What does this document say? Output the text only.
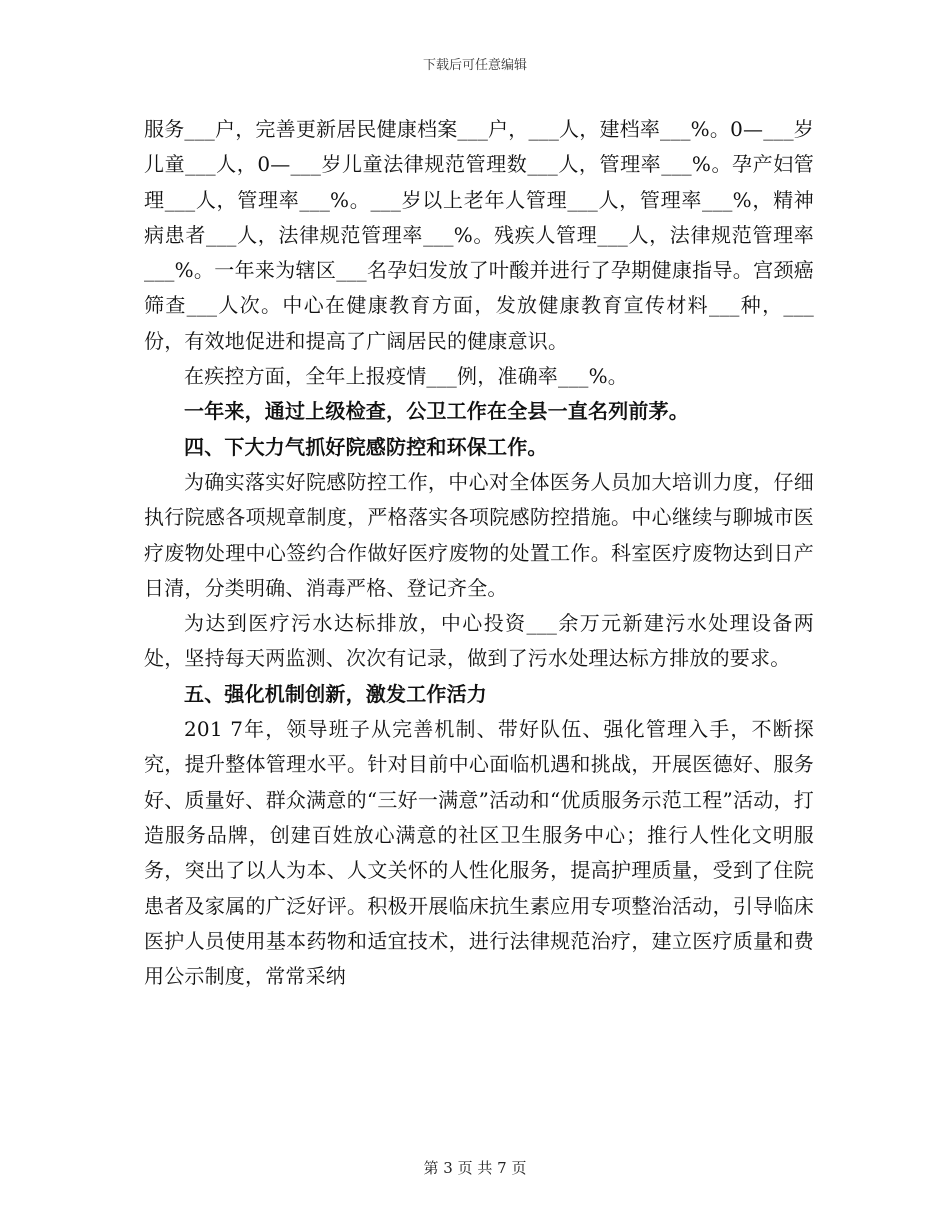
下载后可任意编辑

服务___户，完善更新居民健康档案___户，___人，建档率___%。0—___岁儿童___人，0—___岁儿童法律规范管理数___人，管理率___%。孕产妇管理___人，管理率___%。___岁以上老年人管理___人，管理率___%，精神病患者___人，法律规范管理率___%。残疾人管理___人，法律规范管理率___%。一年来为辖区___名孕妇发放了叶酸并进行了孕期健康指导。宫颈癌筛查___人次。中心在健康教育方面，发放健康教育宣传材料___种，___份，有效地促进和提高了广阔居民的健康意识。

在疾控方面，全年上报疫情___例，准确率___%。

一年来，通过上级检查，公卫工作在全县一直名列前茅。

四、下大力气抓好院感防控和环保工作。

为确实落实好院感防控工作，中心对全体医务人员加大培训力度，仔细执行院感各项规章制度，严格落实各项院感防控措施。中心继续与聊城市医疗废物处理中心签约合作做好医疗废物的处置工作。科室医疗废物达到日产日清，分类明确、消毒严格、登记齐全。

为达到医疗污水达标排放，中心投资___余万元新建污水处理设备两处，坚持每天两监测、次次有记录，做到了污水处理达标方排放的要求。

五、强化机制创新，激发工作活力

201 7年，领导班子从完善机制、带好队伍、强化管理入手，不断探究，提升整体管理水平。针对目前中心面临机遇和挑战，开展医德好、服务好、质量好、群众满意的“三好一满意”活动和“优质服务示范工程”活动，打造服务品牌，创建百姓放心满意的社区卫生服务中心；推行人性化文明服务，突出了以人为本、人文关怀的人性化服务，提高护理质量，受到了住院患者及家属的广泛好评。积极开展临床抗生素应用专项整治活动，引导临床医护人员使用基本药物和适宜技术，进行法律规范治疗，建立医疗质量和费用公示制度，常常采纳

第 3 页 共 7 页
